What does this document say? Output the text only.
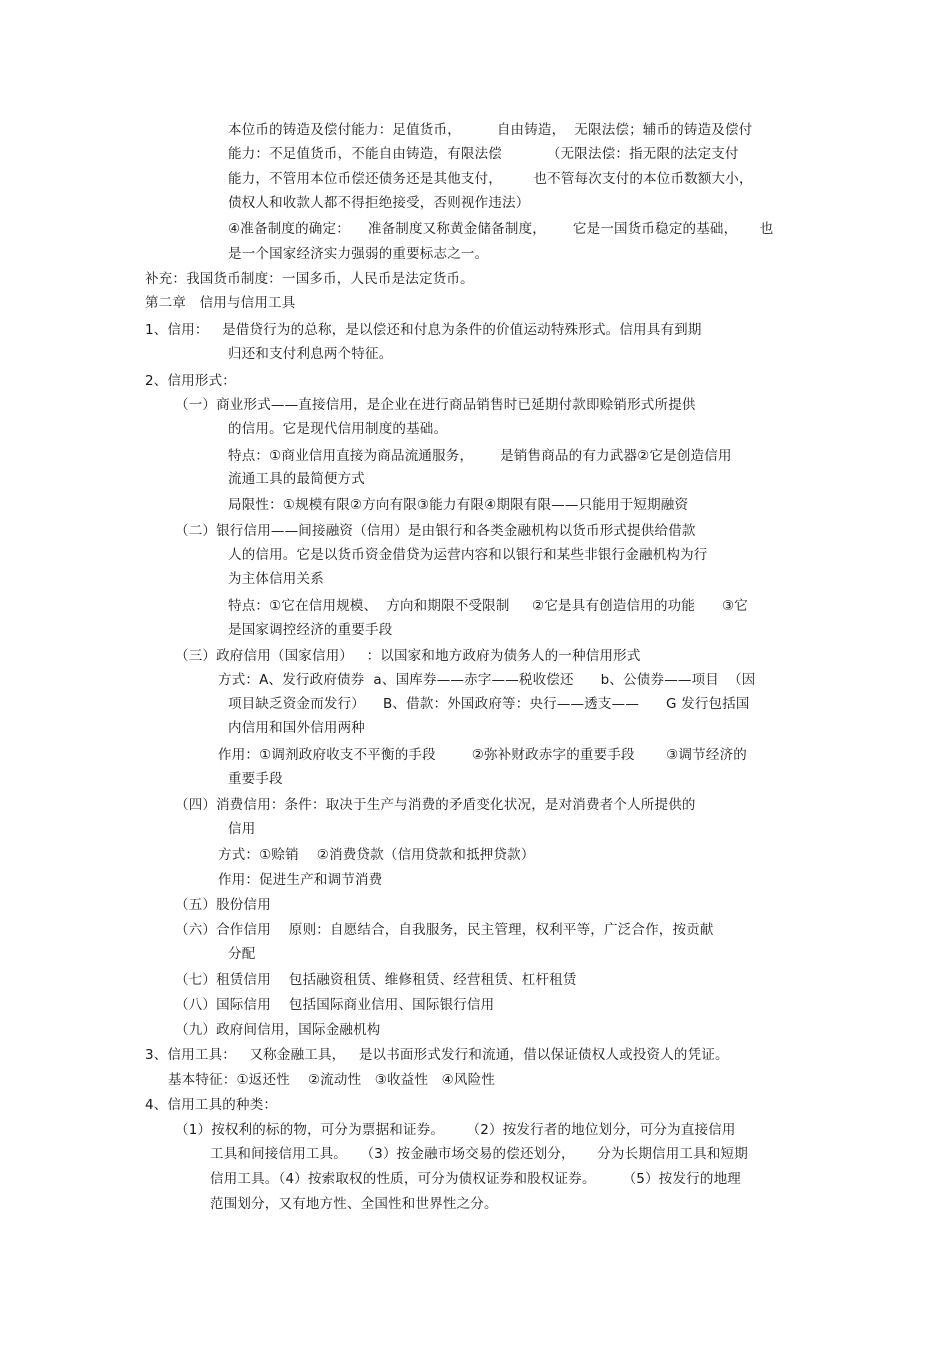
本位币的铸造及偿付能力：足值货币，        自由铸造，  无限法偿；辅币的铸造及偿付
能力：不足值货币，不能自由铸造，有限法偿          （无限法偿：指无限的法定支付
能力，不管用本位币偿还债务还是其他支付，       也不管每次支付的本位币数额大小，
债权人和收款人都不得拒绝接受，否则视作违法）
④准备制度的确定：    准备制度又称黄金储备制度，      它是一国货币稳定的基础，     也
是一个国家经济实力强弱的重要标志之一。
补充：我国货币制度：一国多币，人民币是法定货币。
第二章   信用与信用工具
1、信用：   是借贷行为的总称，是以偿还和付息为条件的价值运动特殊形式。信用具有到期
归还和支付利息两个特征。
2、信用形式：
（一）商业形式——直接信用，是企业在进行商品销售时已延期付款即赊销形式所提供
的信用。它是现代信用制度的基础。
特点：①商业信用直接为商品流通服务，      是销售商品的有力武器②它是创造信用
流通工具的最简便方式
局限性：①规模有限②方向有限③能力有限④期限有限——只能用于短期融资
（二）银行信用——间接融资（信用）是由银行和各类金融机构以货币形式提供给借款
人的信用。它是以货币资金借贷为运营内容和以银行和某些非银行金融机构为行
为主体信用关系
特点：①它在信用规模、  方向和期限不受限制     ②它是具有创造信用的功能      ③它
是国家调控经济的重要手段
（三）政府信用（国家信用）   ：以国家和地方政府为债务人的一种信用形式
方式：A、发行政府债券  a、国库券——赤字——税收偿还      b、公债券——项目  （因
项目缺乏资金而发行）    B、借款：外国政府等：央行——透支——      G 发行包括国
内信用和国外信用两种
作用：①调剂政府收支不平衡的手段        ②弥补财政赤字的重要手段       ③调节经济的
重要手段
（四）消费信用：条件：取决于生产与消费的矛盾变化状况，是对消费者个人所提供的
信用
方式：①赊销    ②消费贷款（信用贷款和抵押贷款）
作用：促进生产和调节消费
（五）股份信用
（六）合作信用    原则：自愿结合，自我服务，民主管理，权利平等，广泛合作，按贡献
分配
（七）租赁信用    包括融资租赁、维修租赁、经营租赁、杠杆租赁
（八）国际信用    包括国际商业信用、国际银行信用
（九）政府间信用，国际金融机构
3、信用工具：   又称金融工具，   是以书面形式发行和流通，借以保证债权人或投资人的凭证。
基本特征：①返还性    ②流动性   ③收益性   ④风险性
4、信用工具的种类：
（1）按权利的标的物，可分为票据和证券。     （2）按发行者的地位划分，可分为直接信用
工具和间接信用工具。   （3）按金融市场交易的偿还划分，     分为长期信用工具和短期
信用工具。（4）按索取权的性质，可分为债权证券和股权证券。      （5）按发行的地理
范围划分，又有地方性、全国性和世界性之分。
